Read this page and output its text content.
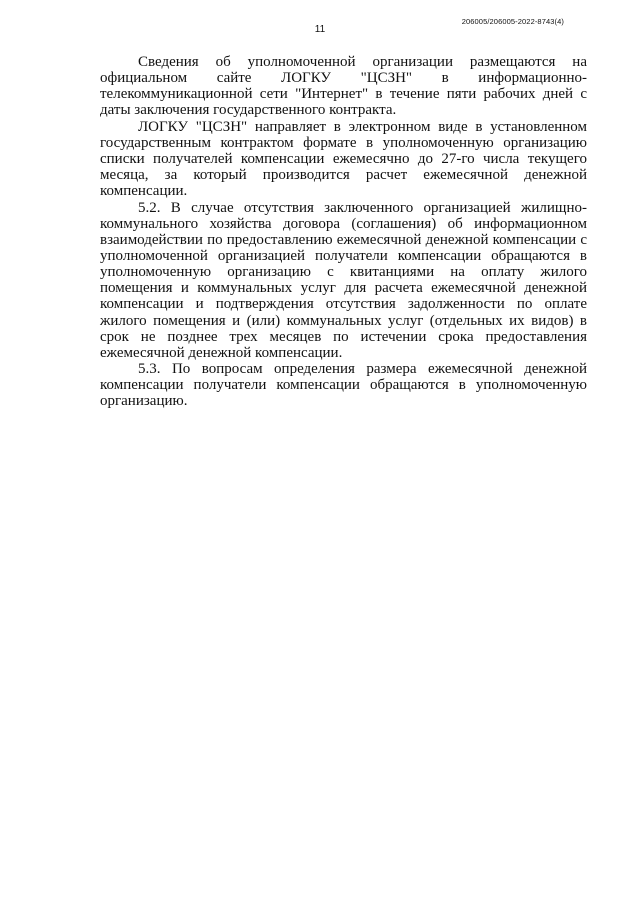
11
206005/206005-2022-8743(4)

Сведения об уполномоченной организации размещаются на официальном сайте ЛОГКУ "ЦСЗН" в информационно-телекоммуникационной сети "Интернет" в течение пяти рабочих дней с даты заключения государственного контракта.

ЛОГКУ "ЦСЗН" направляет в электронном виде в установленном государственным контрактом формате в уполномоченную организацию списки получателей компенсации ежемесячно до 27-го числа текущего месяца, за который производится расчет ежемесячной денежной компенсации.

5.2. В случае отсутствия заключенного организацией жилищно-коммунального хозяйства договора (соглашения) об информационном взаимодействии по предоставлению ежемесячной денежной компенсации с уполномоченной организацией получатели компенсации обращаются в уполномоченную организацию с квитанциями на оплату жилого помещения и коммунальных услуг для расчета ежемесячной денежной компенсации и подтверждения отсутствия задолженности по оплате жилого помещения и (или) коммунальных услуг (отдельных их видов) в срок не позднее трех месяцев по истечении срока предоставления ежемесячной денежной компенсации.

5.3. По вопросам определения размера ежемесячной денежной компенсации получатели компенсации обращаются в уполномоченную организацию.
